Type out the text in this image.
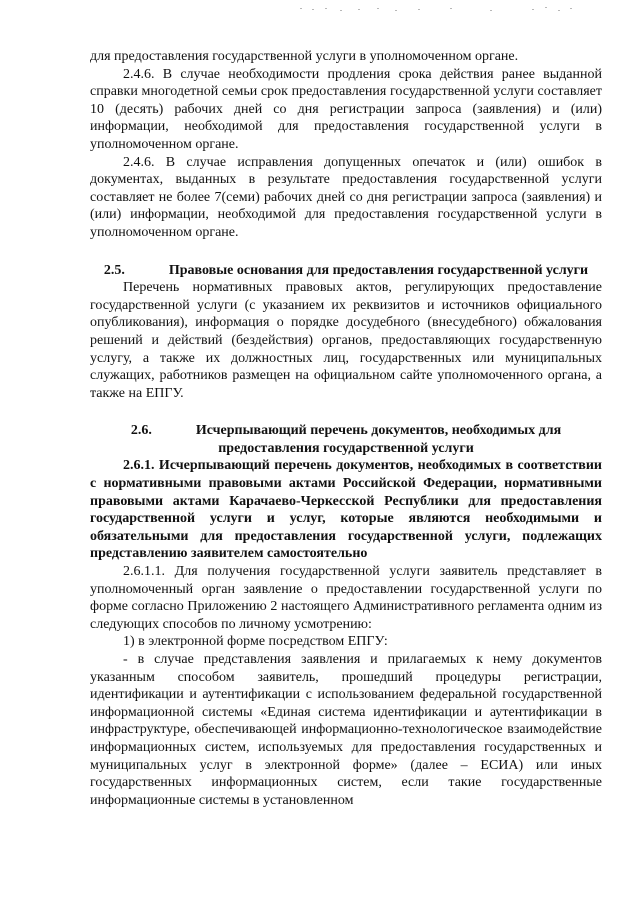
для предоставления государственной услуги в уполномоченном органе.

2.4.6. В случае необходимости продления срока действия ранее выданной справки многодетной семьи срок предоставления государственной услуги составляет 10 (десять) рабочих дней со дня регистрации запроса (заявления) и (или) информации, необходимой для предоставления государственной услуги в уполномоченном органе.

2.4.6. В случае исправления допущенных опечаток и (или) ошибок в документах, выданных в результате предоставления государственной услуги составляет не более 7(семи) рабочих дней со дня регистрации запроса (заявления) и (или) информации, необходимой для предоставления государственной услуги в уполномоченном органе.

2.5.	Правовые основания для предоставления государственной услуги

Перечень нормативных правовых актов, регулирующих предоставление государственной услуги (с указанием их реквизитов и источников официального опубликования), информация о порядке досудебного (внесудебного) обжалования решений и действий (бездействия) органов, предоставляющих государственную услугу, а также их должностных лиц, государственных или муниципальных служащих, работников размещен на официальном сайте уполномоченного органа, а также на ЕПГУ.

2.6.	Исчерпывающий перечень документов, необходимых для предоставления государственной услуги

2.6.1. Исчерпывающий перечень документов, необходимых в соответствии с нормативными правовыми актами Российской Федерации, нормативными правовыми актами Карачаево-Черкесской Республики для предоставления государственной услуги и услуг, которые являются необходимыми и обязательными для предоставления государственной услуги, подлежащих представлению заявителем самостоятельно

2.6.1.1. Для получения государственной услуги заявитель представляет в уполномоченный орган заявление о предоставлении государственной услуги по форме согласно Приложению 2 настоящего Административного регламента одним из следующих способов по личному усмотрению:

1) в электронной форме посредством ЕПГУ:

- в случае представления заявления и прилагаемых к нему документов указанным способом заявитель, прошедший процедуры регистрации, идентификации и аутентификации с использованием федеральной государственной информационной системы «Единая система идентификации и аутентификации в инфраструктуре, обеспечивающей информационно-технологическое взаимодействие информационных систем, используемых для предоставления государственных и муниципальных услуг в электронной форме» (далее – ЕСИА) или иных государственных информационных систем, если такие государственные информационные системы в установленном
